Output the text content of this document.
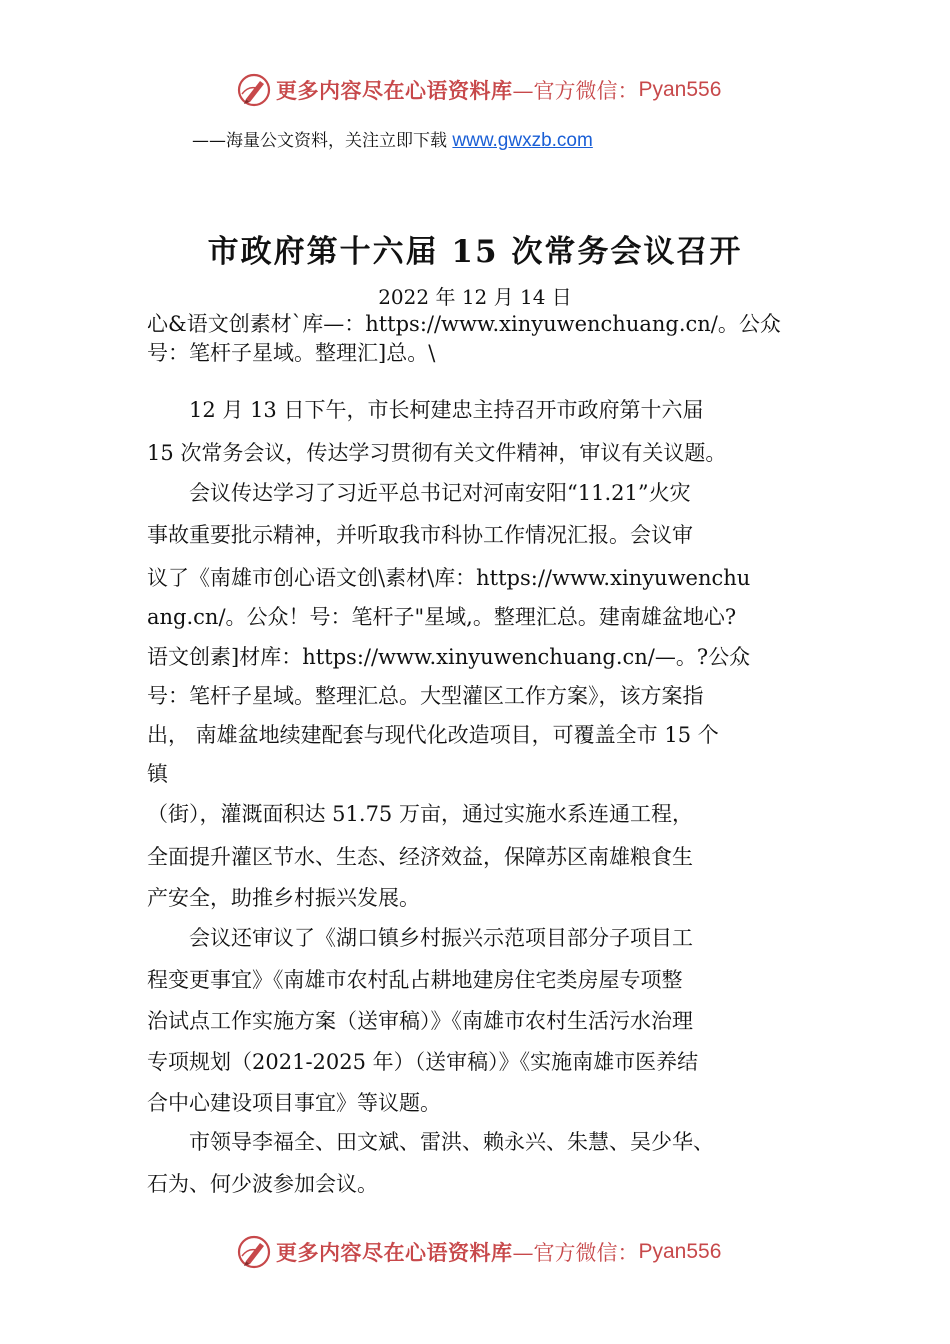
更多内容尽在心语资料库 —官方微信： Pyan556
——海量公文资料，关注立即下载 www.gwxzb.com
市政府第十六届 15 次常务会议召开

2022 年 12 月 14 日

心&语文创素材`库—：https://www.xinyuwenchuang.cn/。公众
号：笔杆子星域。整理汇]总。\
　　12 月 13 日下午，市长柯建忠主持召开市政府第十六届
15 次常务会议，传达学习贯彻有关文件精神，审议有关议题。
　　会议传达学习了习近平总书记对河南安阳“11.21”火灾
事故重要批示精神，并听取我市科协工作情况汇报。会议审
议了《南雄市创心语文创\素材\库：https://www.xinyuwenchu
ang.cn/。公众！号：笔杆子"星域,。整理汇总。建南雄盆地心?
语文创素]材库：https://www.xinyuwenchuang.cn/—。?公众
号：笔杆子星域。整理汇总。大型灌区工作方案》，该方案指
出， 南雄盆地续建配套与现代化改造项目，可覆盖全市 15 个
镇
（街），灌溉面积达 51.75 万亩，通过实施水系连通工程，
全面提升灌区节水、生态、经济效益，保障苏区南雄粮食生
产安全，助推乡村振兴发展。
　　会议还审议了《湖口镇乡村振兴示范项目部分子项目工
程变更事宜》《南雄市农村乱占耕地建房住宅类房屋专项整
治试点工作实施方案（送审稿）》《南雄市农村生活污水治理
专项规划（2021-2025 年）（送审稿）》《实施南雄市医养结
合中心建设项目事宜》等议题。
　　市领导李福全、田文斌、雷洪、赖永兴、朱慧、吴少华、
石为、何少波参加会议。
更多内容尽在心语资料库 —官方微信： Pyan556
